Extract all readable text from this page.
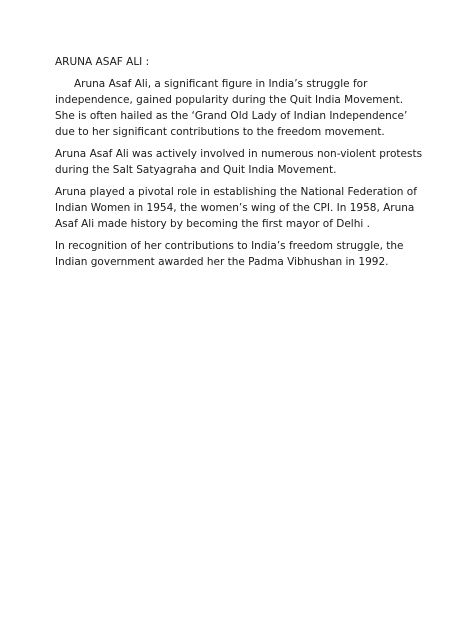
ARUNA ASAF ALI :

Aruna Asaf Ali, a significant figure in India’s struggle for independence, gained popularity during the Quit India Movement. She is often hailed as the ‘Grand Old Lady of Indian Independence’ due to her significant contributions to the freedom movement.

Aruna Asaf Ali was actively involved in numerous non-violent protests during the Salt Satyagraha and Quit India Movement.

Aruna played a pivotal role in establishing the National Federation of Indian Women in 1954, the women’s wing of the CPI. In 1958, Aruna Asaf Ali made history by becoming the first mayor of Delhi .

In recognition of her contributions to India’s freedom struggle, the Indian government awarded her the Padma Vibhushan in 1992.
